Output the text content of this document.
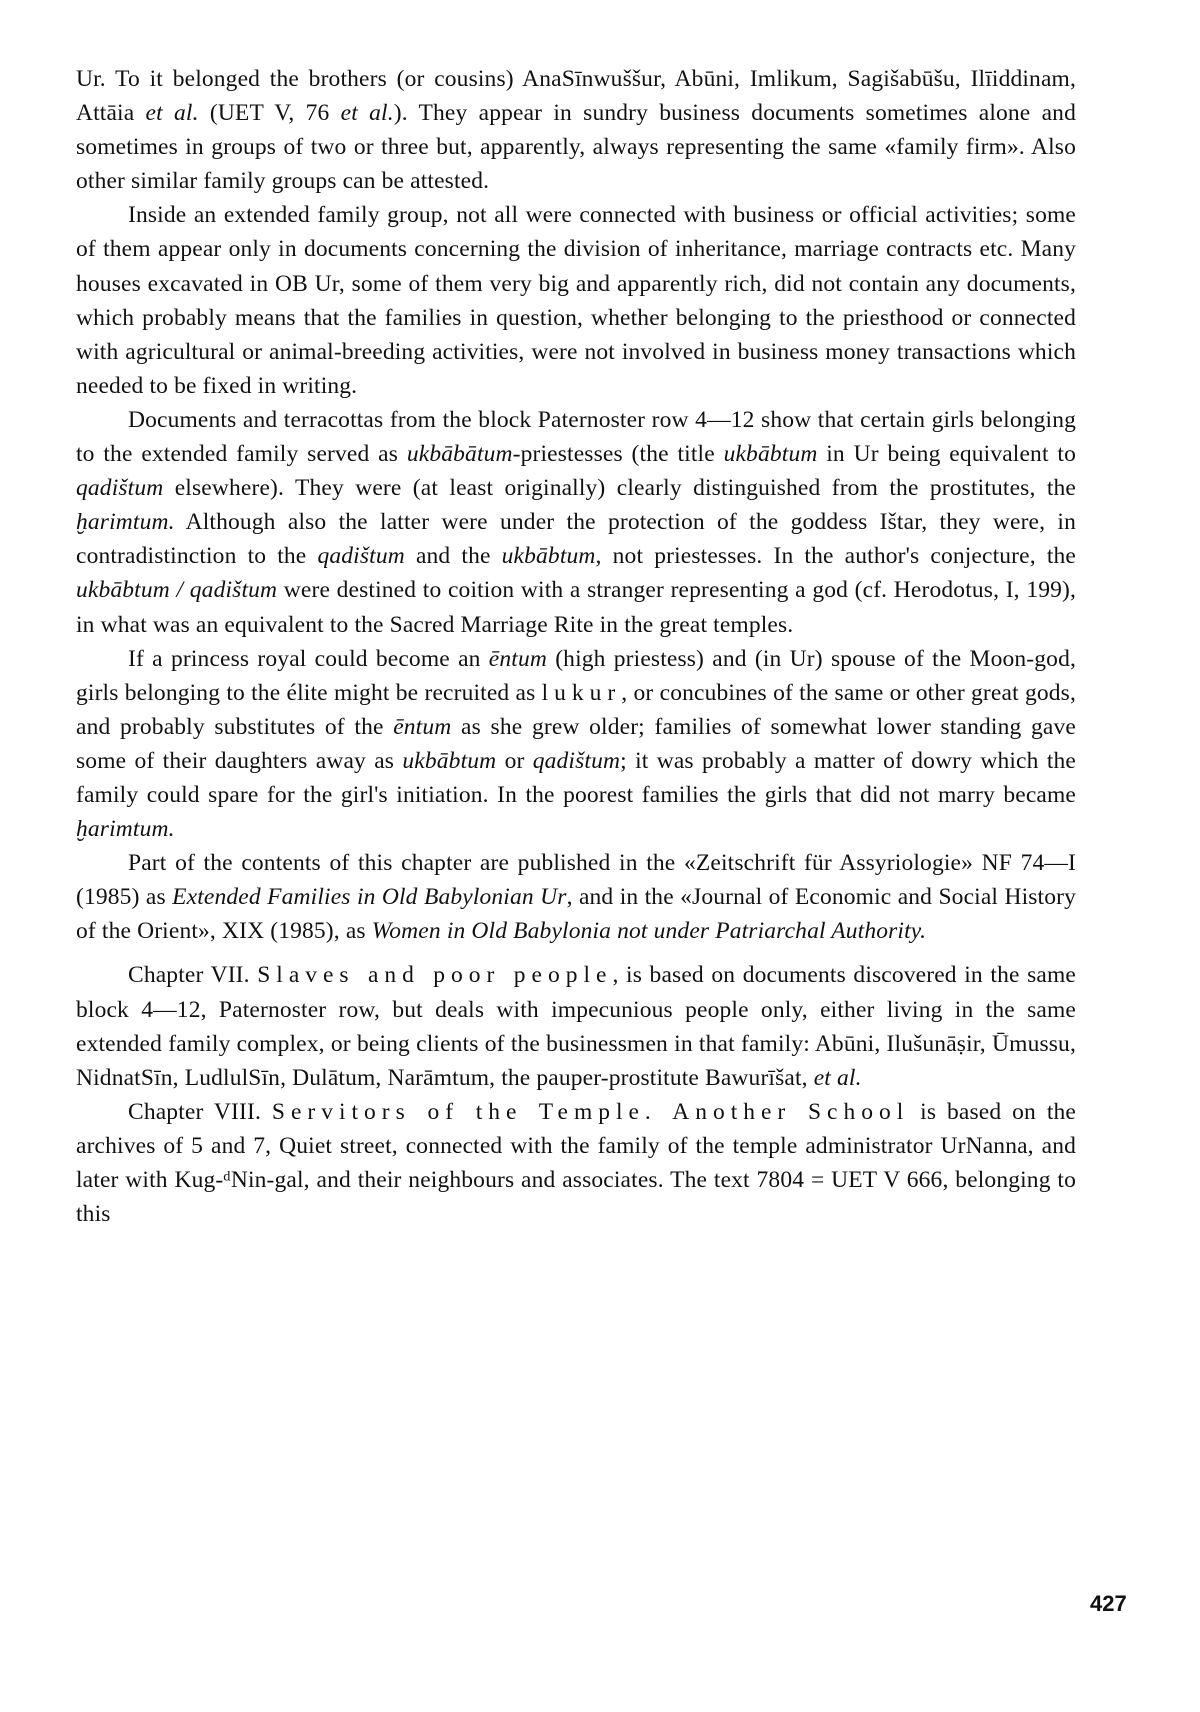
Ur. To it belonged the brothers (or cousins) AnaSīnwuššur, Abūni, Imlikum, Sagišabūšu, Ilīiddinam, Attāia et al. (UET V, 76 et al.). They appear in sundry business documents sometimes alone and sometimes in groups of two or three but, apparently, always representing the same «family firm». Also other similar family groups can be attested.

Inside an extended family group, not all were connected with business or official activities; some of them appear only in documents concerning the division of inheritance, marriage contracts etc. Many houses excavated in OB Ur, some of them very big and apparently rich, did not contain any documents, which probably means that the families in question, whether belonging to the priesthood or connected with agricultural or animal-breeding activities, were not involved in business money transactions which needed to be fixed in writing.

Documents and terracottas from the block Paternoster row 4—12 show that certain girls belonging to the extended family served as ukbābātum-priestesses (the title ukbābtum in Ur being equivalent to qadištum elsewhere). They were (at least originally) clearly distinguished from the prostitutes, the ḫarimtum. Although also the latter were under the protection of the goddess Ištar, they were, in contradistinction to the qadištum and the ukbābtum, not priestesses. In the author's conjecture, the ukbābtum / qadištum were destined to coition with a stranger representing a god (cf. Herodotus, I, 199), in what was an equivalent to the Sacred Marriage Rite in the great temples.

If a princess royal could become an ēntum (high priestess) and (in Ur) spouse of the Moon-god, girls belonging to the élite might be recruited as lukur, or concubines of the same or other great gods, and probably substitutes of the ēntum as she grew older; families of somewhat lower standing gave some of their daughters away as ukbābtum or qadištum; it was probably a matter of dowry which the family could spare for the girl's initiation. In the poorest families the girls that did not marry became ḫarimtum.

Part of the contents of this chapter are published in the «Zeitschrift für Assyriologie» NF 74—I (1985) as Extended Families in Old Babylonian Ur, and in the «Journal of Economic and Social History of the Orient», XIX (1985), as Women in Old Babylonia not under Patriarchal Authority.

Chapter VII. Slaves and poor people, is based on documents discovered in the same block 4—12, Paternoster row, but deals with impecunious people only, either living in the same extended family complex, or being clients of the businessmen in that family: Abūni, Ilušunāṣir, Ūmussu, NidnatSīn, LudlulSīn, Dulātum, Narāmtum, the pauper-prostitute Bawurīšat, et al.

Chapter VIII. Servitors of the Temple. Another School is based on the archives of 5 and 7, Quiet street, connected with the family of the temple administrator UrNanna, and later with Kug-ᵈNin-gal, and their neighbours and associates. The text 7804 = UET V 666, belonging to this

427
